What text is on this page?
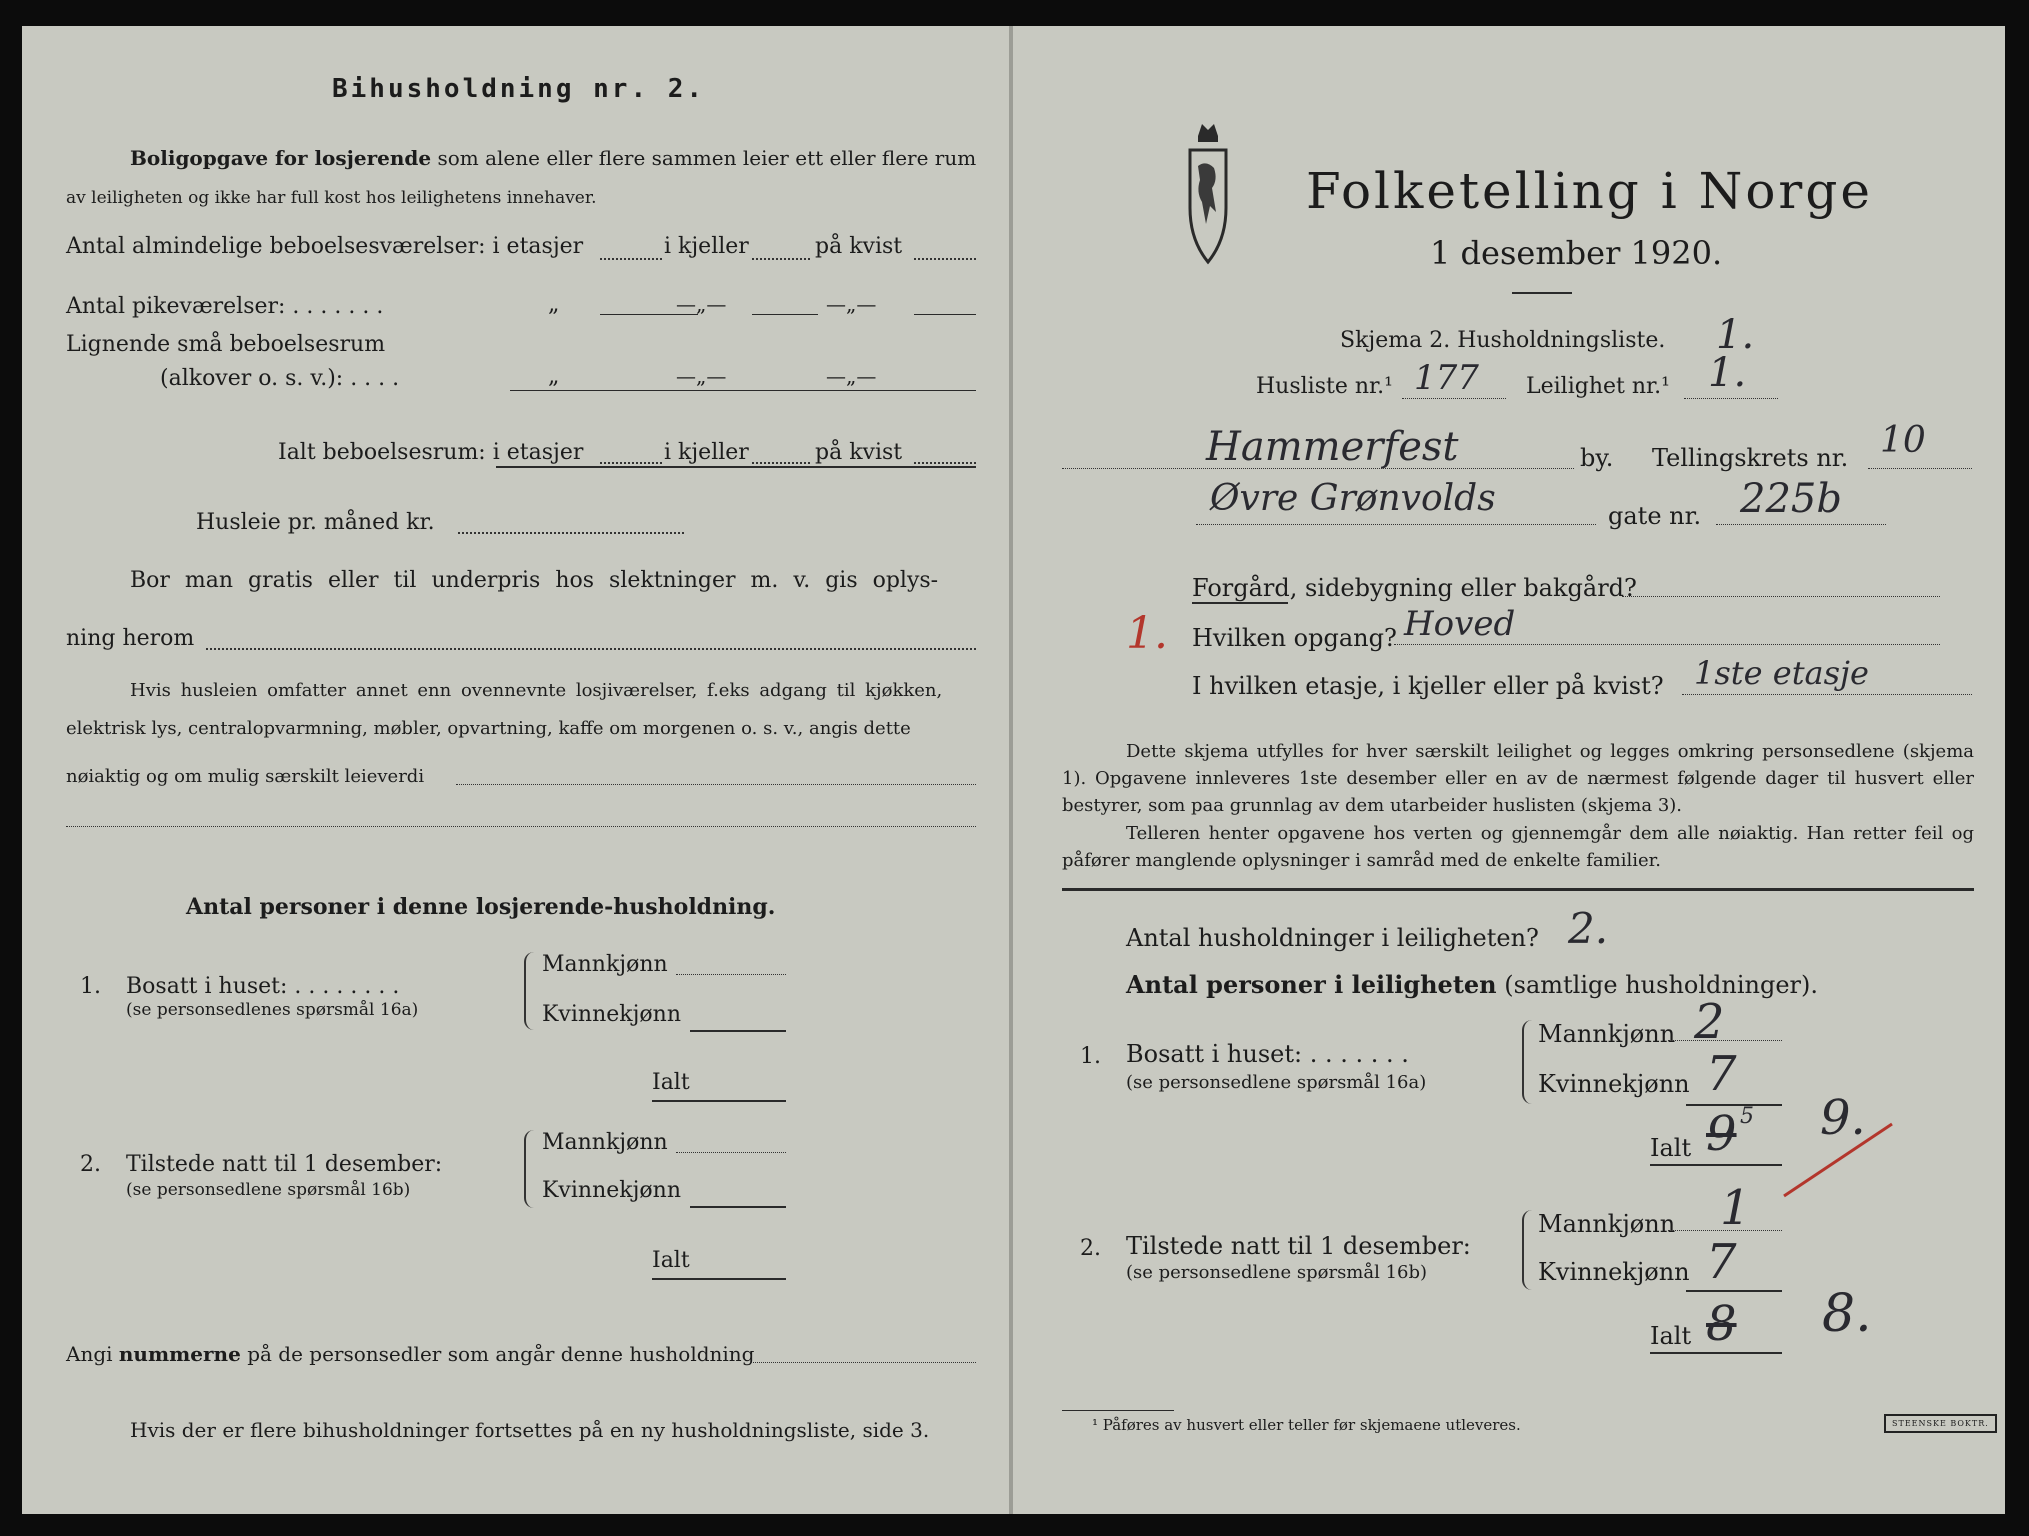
Bihusholdning nr. 2.
Boligopgave for losjerende som alene eller flere sammen leier ett eller flere rum
av leiligheten og ikke har full kost hos leilighetens innehaver.
Antal almindelige beboelsesværelser: i etasjer	i kjeller	på kvist
Antal pikeværelser: . . . . . . .	„	—„—	—„—
Lignende små beboelsesrum
(alkover o. s. v.): . . . .	„	—„—	—„—
Ialt beboelsesrum: i etasjer	i kjeller	på kvist
Husleie pr. måned kr.
Bor man gratis eller til underpris hos slektninger m. v. gis oplys-
ning herom
Hvis husleien omfatter annet enn ovennevnte losjiværelser, f.eks adgang til kjøkken,
elektrisk lys, centralopvarmning, møbler, opvartning, kaffe om morgenen o. s. v., angis dette
nøiaktig og om mulig særskilt leieverdi
Antal personer i denne losjerende-husholdning.
1. Bosatt i huset: . . . . . . . .
(se personsedlenes spørsmål 16a)
Mannkjønn
Kvinnekjønn
Ialt
2. Tilstede natt til 1 desember:
(se personsedlene spørsmål 16b)
Mannkjønn
Kvinnekjønn
Ialt
Angi nummerne på de personsedler som angår denne husholdning
Hvis der er flere bihusholdninger fortsettes på en ny husholdningsliste, side 3.
Folketelling i Norge
1 desember 1920.
Skjema 2. Husholdningsliste. 1.
Husliste nr.¹ 177 Leilighet nr.¹ 1.
Hammerfest	by. Tellingskrets nr. 10
Øvre Grønvolds	gate nr. 225b
Forgård, sidebygning eller bakgård?
1. Hvilken opgang? Hoved
I hvilken etasje, i kjeller eller på kvist? 1ste etasje
Dette skjema utfylles for hver særskilt leilighet og legges omkring personsedlene (skjema 1). Opgavene innleveres 1ste desember eller en av de nærmest følgende dager til husvert eller bestyrer, som paa grunnlag av dem utarbeider huslisten (skjema 3).
Telleren henter opgavene hos verten og gjennemgår dem alle nøiaktig. Han retter feil og påfører manglende oplysninger i samråd med de enkelte familier.
Antal husholdninger i leiligheten? 2.
Antal personer i leiligheten (samtlige husholdninger).
1. Bosatt i huset: . . . . . . .
(se personsedlene spørsmål 16a)
Mannkjønn 2
Kvinnekjønn 7
Ialt 9 5 9.
2. Tilstede natt til 1 desember:
(se personsedlene spørsmål 16b)
Mannkjønn 1
Kvinnekjønn 7
Ialt 8 8.
¹ Påføres av husvert eller teller før skjemaene utleveres.	STEENSKE BOKTR.
